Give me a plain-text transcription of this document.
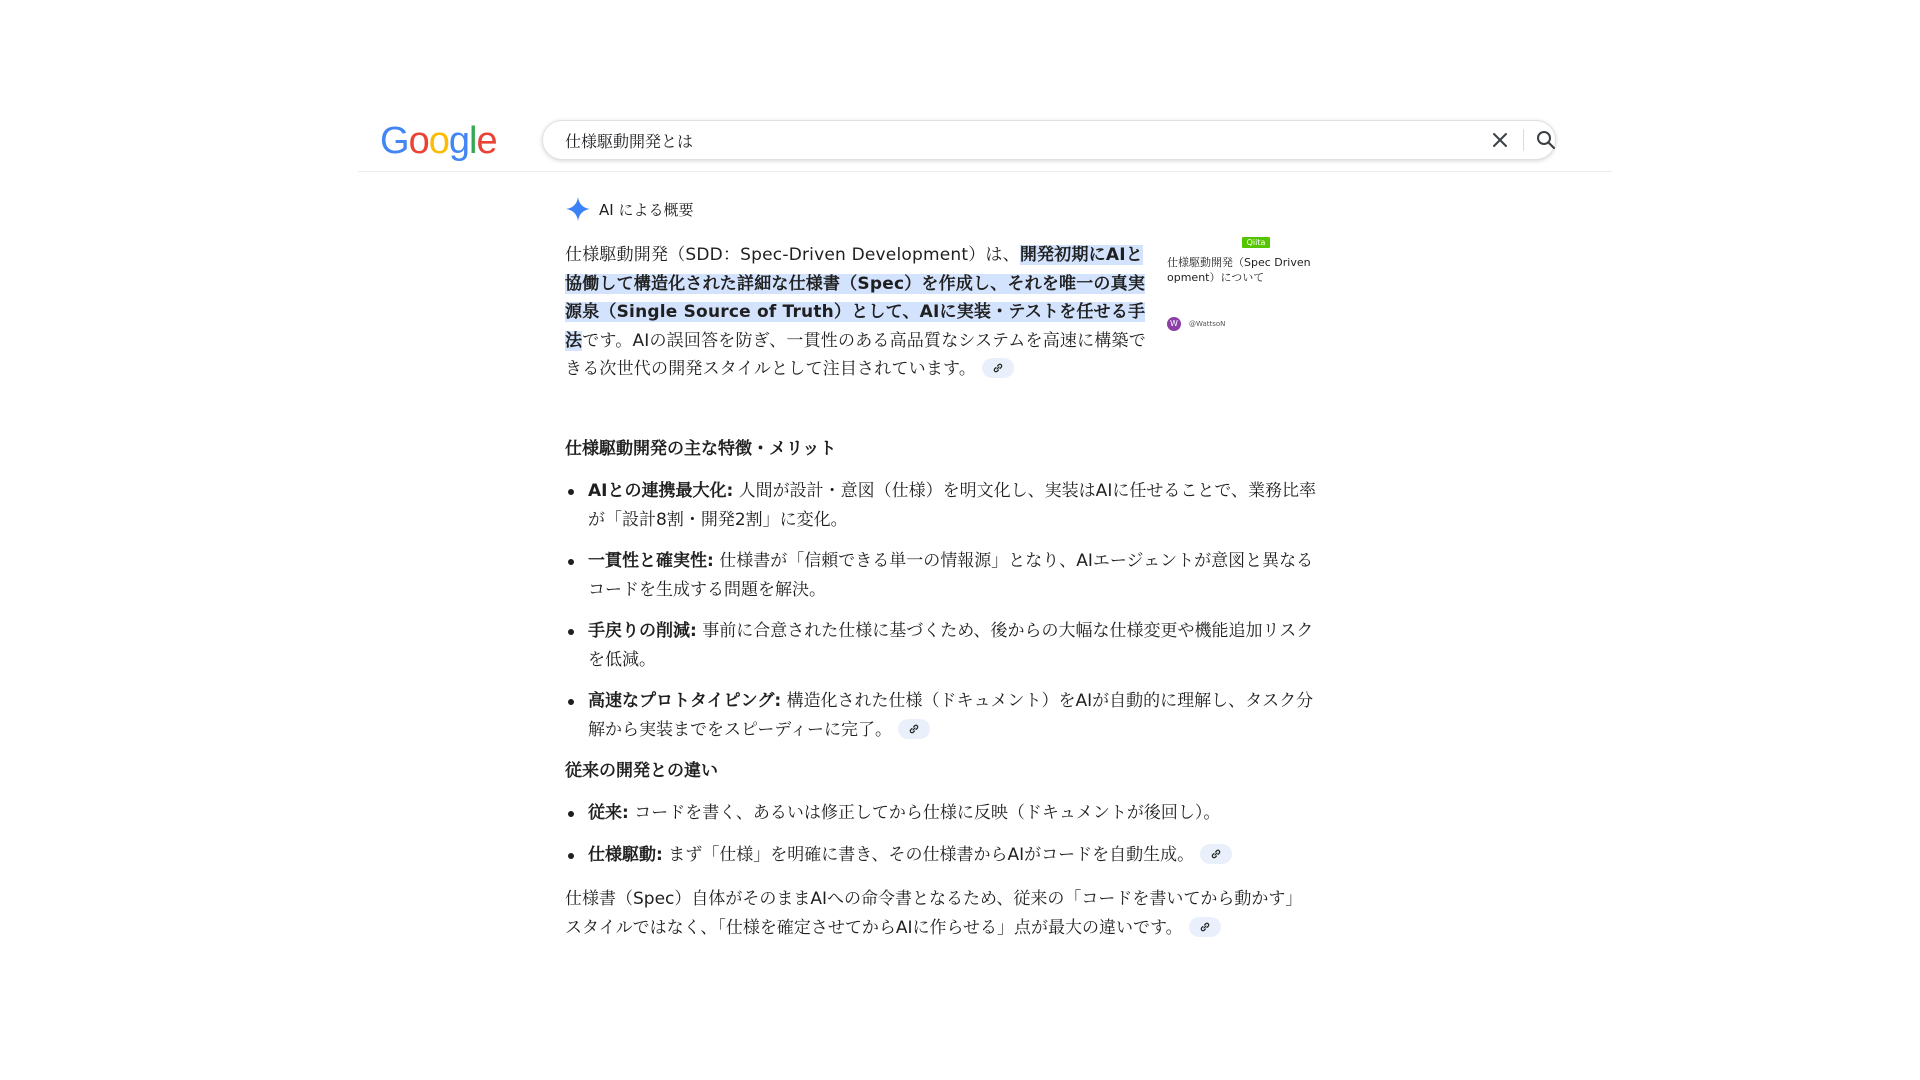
Google
仕様駆動開発とは
AI による概要

仕様駆動開発（SDD：Spec-Driven Development）は、開発初期にAIと協働して構造化された詳細な仕様書（Spec）を作成し、それを唯一の真実源泉（Single Source of Truth）として、AIに実装・テストを任せる手法です。AIの誤回答を防ぎ、一貫性のある高品質なシステムを高速に構築できる次世代の開発スタイルとして注目されています。

Qiita
仕様駆動開発（Spec Driven opment）について
W	@WattsoN
仕様駆動開発の主な特徴・メリット
AIとの連携最大化: 人間が設計・意図（仕様）を明文化し、実装はAIに任せることで、業務比率が「設計8割・開発2割」に変化。
一貫性と確実性: 仕様書が「信頼できる単一の情報源」となり、AIエージェントが意図と異なるコードを生成する問題を解決。
手戻りの削減: 事前に合意された仕様に基づくため、後からの大幅な仕様変更や機能追加リスクを低減。
高速なプロトタイピング: 構造化された仕様（ドキュメント）をAIが自動的に理解し、タスク分解から実装までをスピーディーに完了。
従来の開発との違い
従来: コードを書く、あるいは修正してから仕様に反映（ドキュメントが後回し）。
仕様駆動: まず「仕様」を明確に書き、その仕様書からAIがコードを自動生成。

仕様書（Spec）自体がそのままAIへの命令書となるため、従来の「コードを書いてから動かす」スタイルではなく、「仕様を確定させてからAIに作らせる」点が最大の違いです。
